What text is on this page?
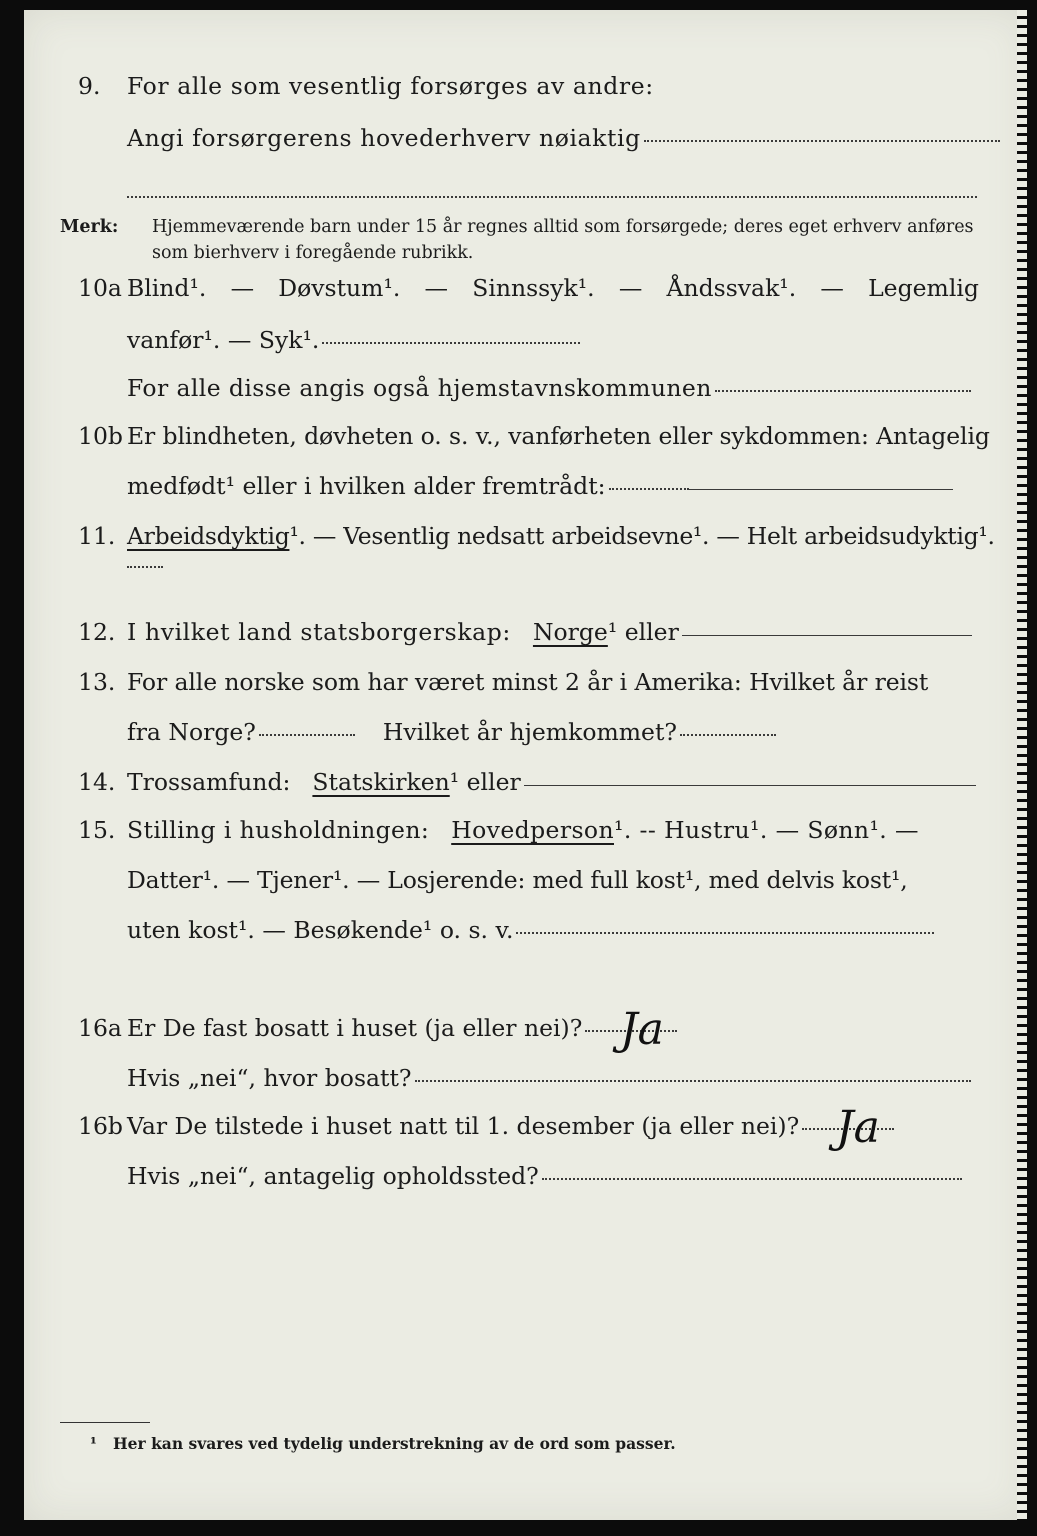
9. For alle som vesentlig forsørges av andre:
Angi forsørgerens hovederhverv nøiaktig
Merk: Hjemmeværende barn under 15 år regnes alltid som forsørgede; deres eget erhverv anføres som bierhverv i foregående rubrikk.
10a Blind¹. — Døvstum¹. — Sinnssyk¹. — Åndssvak¹. — Legemlig
vanfør¹. — Syk¹.
For alle disse angis også hjemstavnskommunen
10b Er blindheten, døvheten o. s. v., vanførheten eller sykdommen: Antagelig
medfødt¹ eller i hvilken alder fremtrådt:
11. Arbeidsdyktig ¹. — Vesentlig nedsatt arbeidsevne¹. — Helt arbeidsudyktig¹.
12. I hvilket land statsborgerskap: Norge ¹ eller
13. For alle norske som har været minst 2 år i Amerika: Hvilket år reist
fra Norge?	Hvilket år hjemkommet?
14. Trossamfund: Statskirken ¹ eller
15. Stilling i husholdningen: Hovedperson ¹. -- Hustru¹. — Sønn¹. —
Datter¹. — Tjener¹. — Losjerende: med full kost¹, med delvis kost¹,
uten kost¹. — Besøkende¹ o. s. v.
16a Er De fast bosatt i huset (ja eller nei)? Ja
Hvis „nei“, hvor bosatt?
16b Var De tilstede i huset natt til 1. desember (ja eller nei)? Ja
Hvis „nei“, antagelig opholdssted?
¹ Her kan svares ved tydelig understrekning av de ord som passer.
